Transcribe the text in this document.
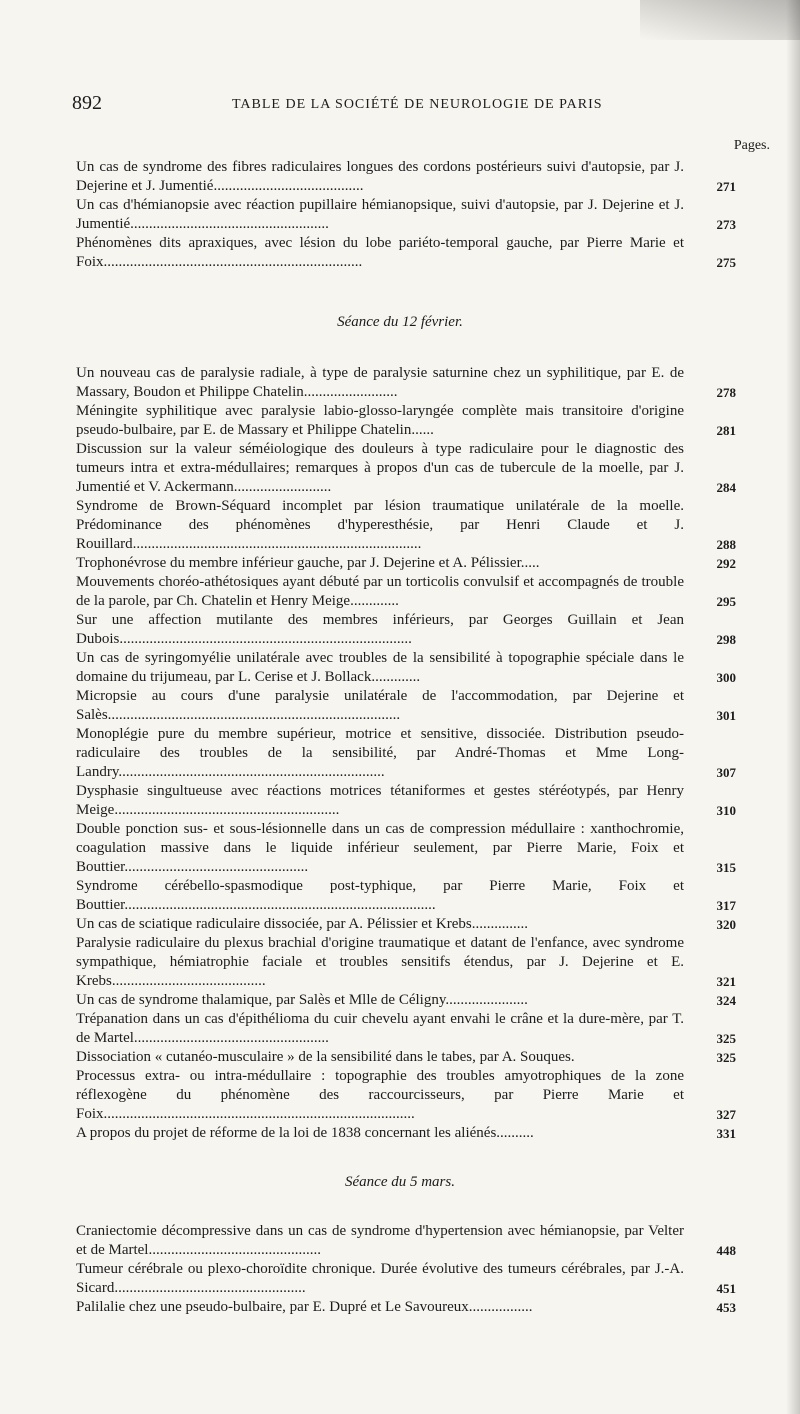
892	TABLE DE LA SOCIÉTÉ DE NEUROLOGIE DE PARIS
Pages.
Un cas de syndrome des fibres radiculaires longues des cordons postérieurs suivi d'autopsie, par J. Dejerine et J. Jumentié........................................	271
Un cas d'hémianopsie avec réaction pupillaire hémianopsique, suivi d'autopsie, par J. Dejerine et J. Jumentié.....................................................	273
Phénomènes dits apraxiques, avec lésion du lobe pariéto-temporal gauche, par Pierre Marie et Foix.....................................................................	275
Séance du 12 février.
Un nouveau cas de paralysie radiale, à type de paralysie saturnine chez un syphilitique, par E. de Massary, Boudon et Philippe Chatelin.........................	278
Méningite syphilitique avec paralysie labio-glosso-laryngée complète mais transitoire d'origine pseudo-bulbaire, par E. de Massary et Philippe Chatelin......	281
Discussion sur la valeur séméiologique des douleurs à type radiculaire pour le diagnostic des tumeurs intra et extra-médullaires; remarques à propos d'un cas de tubercule de la moelle, par J. Jumentié et V. Ackermann..........................	284
Syndrome de Brown-Séquard incomplet par lésion traumatique unilatérale de la moelle. Prédominance des phénomènes d'hyperesthésie, par Henri Claude et J. Rouillard.............................................................................	288
Trophonévrose du membre inférieur gauche, par J. Dejerine et A. Pélissier.....	292
Mouvements choréo-athétosiques ayant débuté par un torticolis convulsif et accompagnés de trouble de la parole, par Ch. Chatelin et Henry Meige.............	295
Sur une affection mutilante des membres inférieurs, par Georges Guillain et Jean Dubois..............................................................................	298
Un cas de syringomyélie unilatérale avec troubles de la sensibilité à topographie spéciale dans le domaine du trijumeau, par L. Cerise et J. Bollack.............	300
Micropsie au cours d'une paralysie unilatérale de l'accommodation, par Dejerine et Salès..............................................................................	301
Monoplégie pure du membre supérieur, motrice et sensitive, dissociée. Distribution pseudo-radiculaire des troubles de la sensibilité, par André-Thomas et Mme Long-Landry.......................................................................	307
Dysphasie singultueuse avec réactions motrices tétaniformes et gestes stéréotypés, par Henry Meige............................................................	310
Double ponction sus- et sous-lésionnelle dans un cas de compression médullaire : xanthochromie, coagulation massive dans le liquide inférieur seulement, par Pierre Marie, Foix et Bouttier.................................................	315
Syndrome cérébello-spasmodique post-typhique, par Pierre Marie, Foix et Bouttier...................................................................................	317
Un cas de sciatique radiculaire dissociée, par A. Pélissier et Krebs...............	320
Paralysie radiculaire du plexus brachial d'origine traumatique et datant de l'enfance, avec syndrome sympathique, hémiatrophie faciale et troubles sensitifs étendus, par J. Dejerine et E. Krebs.........................................	321
Un cas de syndrome thalamique, par Salès et Mlle de Céligny......................	324
Trépanation dans un cas d'épithélioma du cuir chevelu ayant envahi le crâne et la dure-mère, par T. de Martel....................................................	325
Dissociation « cutanéo-musculaire » de la sensibilité dans le tabes, par A. Souques.	325
Processus extra- ou intra-médullaire : topographie des troubles amyotrophiques de la zone réflexogène du phénomène des raccourcisseurs, par Pierre Marie et Foix...................................................................................	327
A propos du projet de réforme de la loi de 1838 concernant les aliénés..........	331
Séance du 5 mars.
Craniectomie décompressive dans un cas de syndrome d'hypertension avec hémianopsie, par Velter et de Martel..............................................	448
Tumeur cérébrale ou plexo-choroïdite chronique. Durée évolutive des tumeurs cérébrales, par J.-A. Sicard...................................................	451
Palilalie chez une pseudo-bulbaire, par E. Dupré et Le Savoureux.................	453
